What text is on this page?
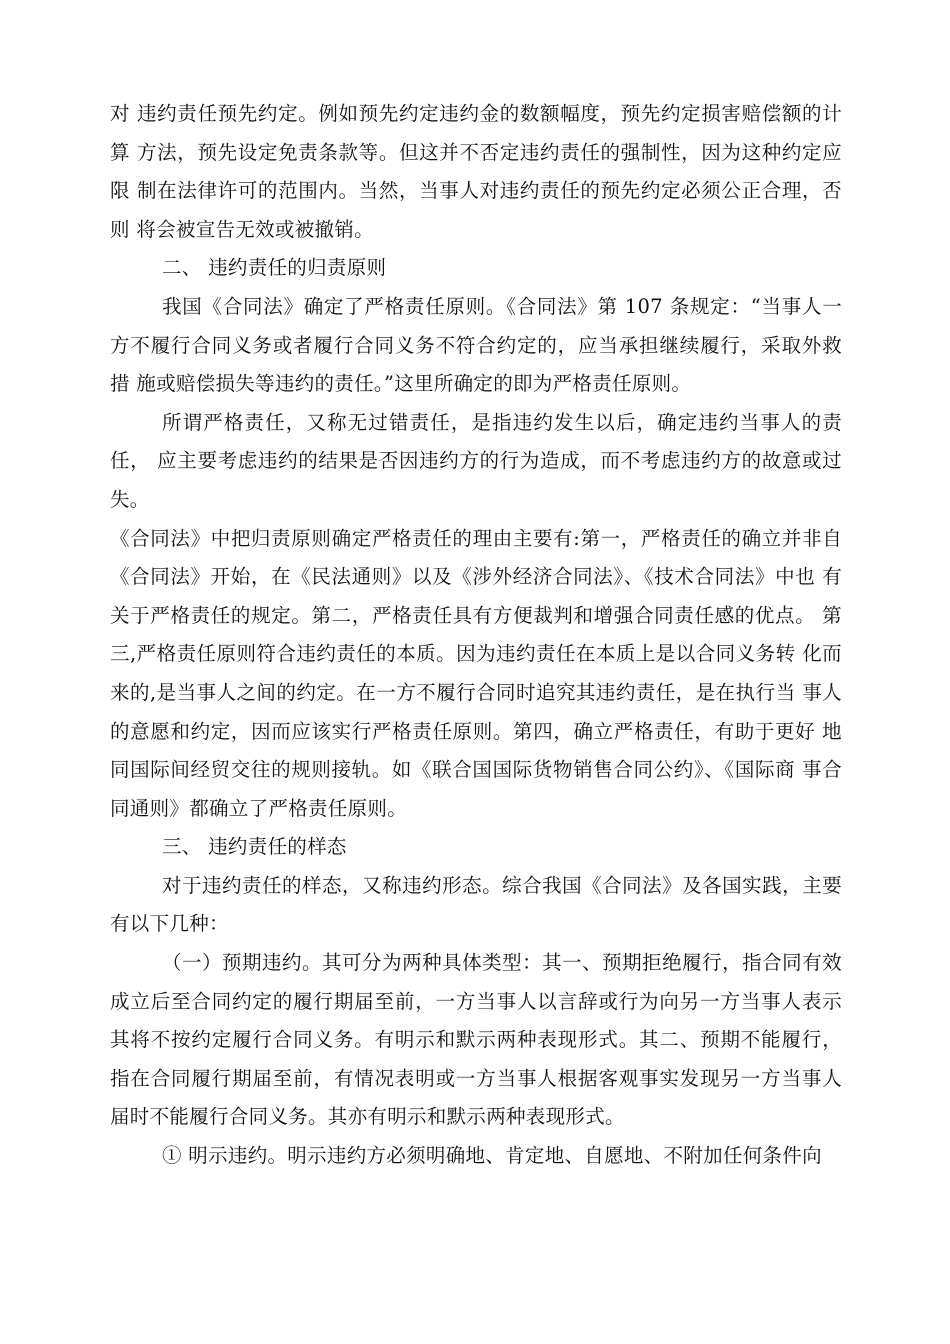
对 违约责任预先约定。例如预先约定违约金的数额幅度，预先约定损害赔偿额的计算 方法，预先设定免责条款等。但这并不否定违约责任的强制性，因为这种约定应限 制在法律许可的范围内。当然，当事人对违约责任的预先约定必须公正合理，否则 将会被宣告无效或被撤销。

二、 违约责任的归责原则

我国《合同法》确定了严格责任原则。《合同法》第 107 条规定：“当事人一 方不履行合同义务或者履行合同义务不符合约定的，应当承担继续履行，采取外救措 施或赔偿损失等违约的责任。”这里所确定的即为严格责任原则。

所谓严格责任，又称无过错责任，是指违约发生以后，确定违约当事人的责任， 应主要考虑违约的结果是否因违约方的行为造成，而不考虑违约方的故意或过失。

《合同法》中把归责原则确定严格责任的理由主要有:第一，严格责任的确立并非自 《合同法》开始，在《民法通则》以及《涉外经济合同法》、《技术合同法》中也 有关于严格责任的规定。第二，严格责任具有方便裁判和增强合同责任感的优点。 第三,严格责任原则符合违约责任的本质。因为违约责任在本质上是以合同义务转 化而来的,是当事人之间的约定。在一方不履行合同时追究其违约责任，是在执行当 事人的意愿和约定，因而应该实行严格责任原则。第四，确立严格责任，有助于更好 地同国际间经贸交往的规则接轨。如《联合国国际货物销售合同公约》、《国际商 事合同通则》都确立了严格责任原则。

三、 违约责任的样态

对于违约责任的样态，又称违约形态。综合我国《合同法》及各国实践，主要有以下几种：

（一）预期违约。其可分为两种具体类型：其一、预期拒绝履行，指合同有效成立后至合同约定的履行期届至前，一方当事人以言辞或行为向另一方当事人表示其将不按约定履行合同义务。有明示和默示两种表现形式。其二、预期不能履行，指在合同履行期届至前，有情况表明或一方当事人根据客观事实发现另一方当事人届时不能履行合同义务。其亦有明示和默示两种表现形式。

① 明示违约。明示违约方必须明确地、肯定地、自愿地、不附加任何条件向
